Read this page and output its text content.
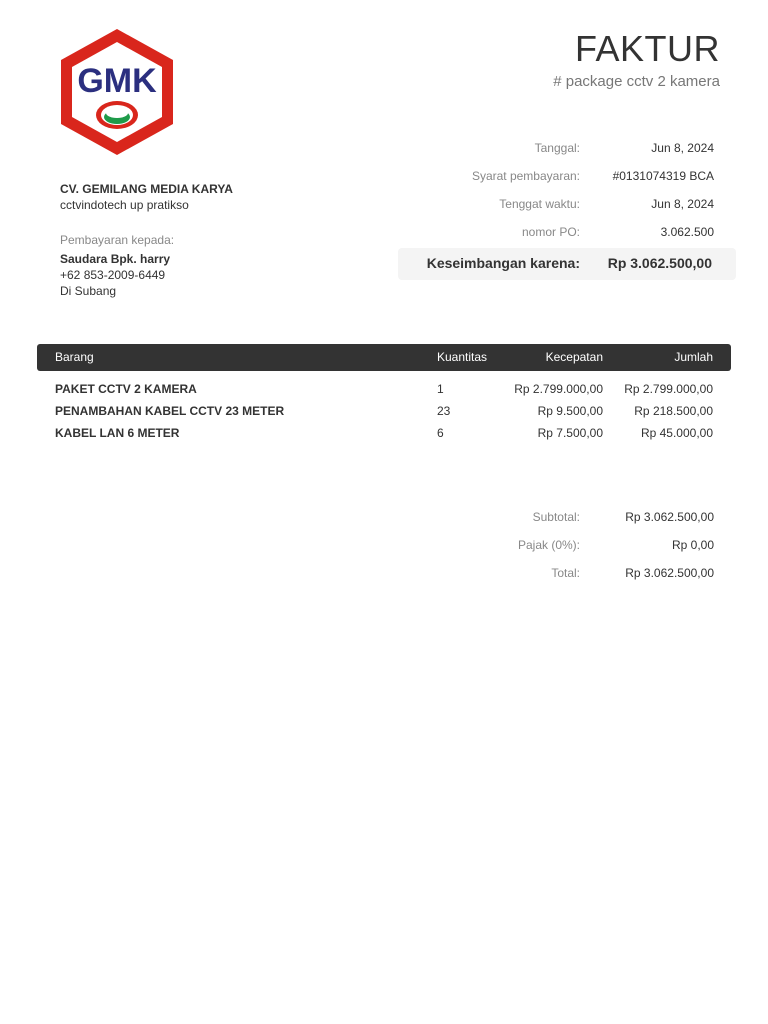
GMK
FAKTUR
# package cctv 2 kamera
CV. GEMILANG MEDIA KARYA
cctvindotech up pratikso
Pembayaran kepada:
Saudara Bpk. harry
+62 853-2009-6449
Di Subang
Tanggal:	Jun 8, 2024
Syarat pembayaran:	#0131074319 BCA
Tenggat waktu:	Jun 8, 2024
nomor PO:	3.062.500
Keseimbangan karena: Rp 3.062.500,00
Barang	Kuantitas	Kecepatan	Jumlah
PAKET CCTV 2 KAMERA	1	Rp 2.799.000,00 Rp 2.799.000,00
PENAMBAHAN KABEL CCTV 23 METER	23	Rp 9.500,00	Rp 218.500,00
KABEL LAN 6 METER	6	Rp 7.500,00	Rp 45.000,00
Subtotal:	Rp 3.062.500,00
Pajak (0%):	Rp 0,00
Total:	Rp 3.062.500,00
